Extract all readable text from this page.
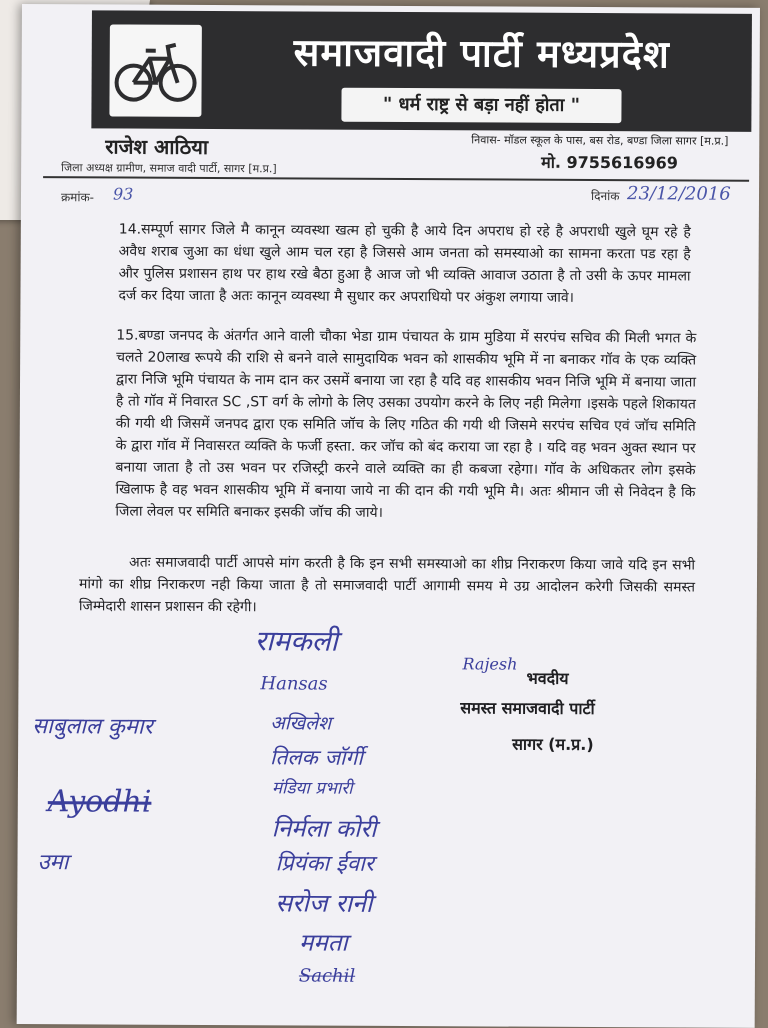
समाजवादी पार्टी मध्यप्रदेश
" धर्म राष्ट्र से बड़ा नहीं होता "
राजेश आठिया
जिला अध्यक्ष ग्रामीण, समाज वादी पार्टी, सागर [म.प्र.]
निवास- मॉडल स्कूल के पास, बस रोड, बण्डा जिला सागर [म.प्र.]
मो. 9755616969
क्रमांक- 93	दिनांक 23/12/2016

14.सम्पूर्ण सागर जिले मै कानून व्यवस्था खत्म हो चुकी है आये दिन अपराध हो रहे है अपराधी खुले घूम रहे है अवैध शराब जुआ का धंधा खुले आम चल रहा है जिससे आम जनता को समस्याओ का सामना करता पड रहा है और पुलिस प्रशासन हाथ पर हाथ रखे बैठा हुआ है आज जो भी व्यक्ति आवाज उठाता है तो उसी के ऊपर मामला दर्ज कर दिया जाता है अतः कानून व्यवस्था मै सुधार कर अपराधियो पर अंकुश लगाया जावे।

15.बण्डा जनपद के अंतर्गत आने वाली चौका भेडा ग्राम पंचायत के ग्राम मुडिया में सरपंच सचिव की मिली भगत के चलते 20लाख रूपये की राशि से बनने वाले सामुदायिक भवन को शासकीय भूमि में ना बनाकर गॉव के एक व्यक्ति द्वारा निजि भूमि पंचायत के नाम दान कर उसमें बनाया जा रहा है यदि वह शासकीय भवन निजि भूमि में बनाया जाता है तो गॉव में निवारत SC ,ST वर्ग के लोगो के लिए उसका उपयोग करने के लिए नही मिलेगा ।इसके पहले शिकायत की गयी थी जिसमें जनपद द्वारा एक समिति जॉच के लिए गठित की गयी थी जिसमे सरपंच सचिव एवं जॉच समिति के द्वारा गॉव में निवासरत व्यक्ति के फर्जी हस्ता. कर जॉच को बंद कराया जा रहा है । यदि वह भवन अुक्त स्थान पर बनाया जाता है तो उस भवन पर रजिस्ट्री करने वाले व्यक्ति का ही कबजा रहेगा। गॉव के अधिकतर लोग इसके खिलाफ है वह भवन शासकीय भूमि में बनाया जाये ना की दान की गयी भूमि मै। अतः श्रीमान जी से निवेदन है कि जिला लेवल पर समिति बनाकर इसकी जॉच की जाये।

अतः समाजवादी पार्टी आपसे मांग करती है कि इन सभी समस्याओ का शीघ्र निराकरण किया जावे यदि इन सभी मांगो का शीघ्र निराकरण नही किया जाता है तो समाजवादी पार्टी आगामी समय मे उग्र आदोलन करेगी जिसकी समस्त जिम्मेदारी शासन प्रशासन की रहेगी।

Rajesh
भवदीय
समस्त समाजवादी पार्टी
सागर (म.प्र.)
रामकली
Hansas
अखिलेश
तिलक जॉर्गी
मंडिया प्रभारी
निर्मला कोरी
प्रियंका ईवार
सरोज रानी
ममता
Sachil
साबुलाल कुमार
Ayodhi
उमा
